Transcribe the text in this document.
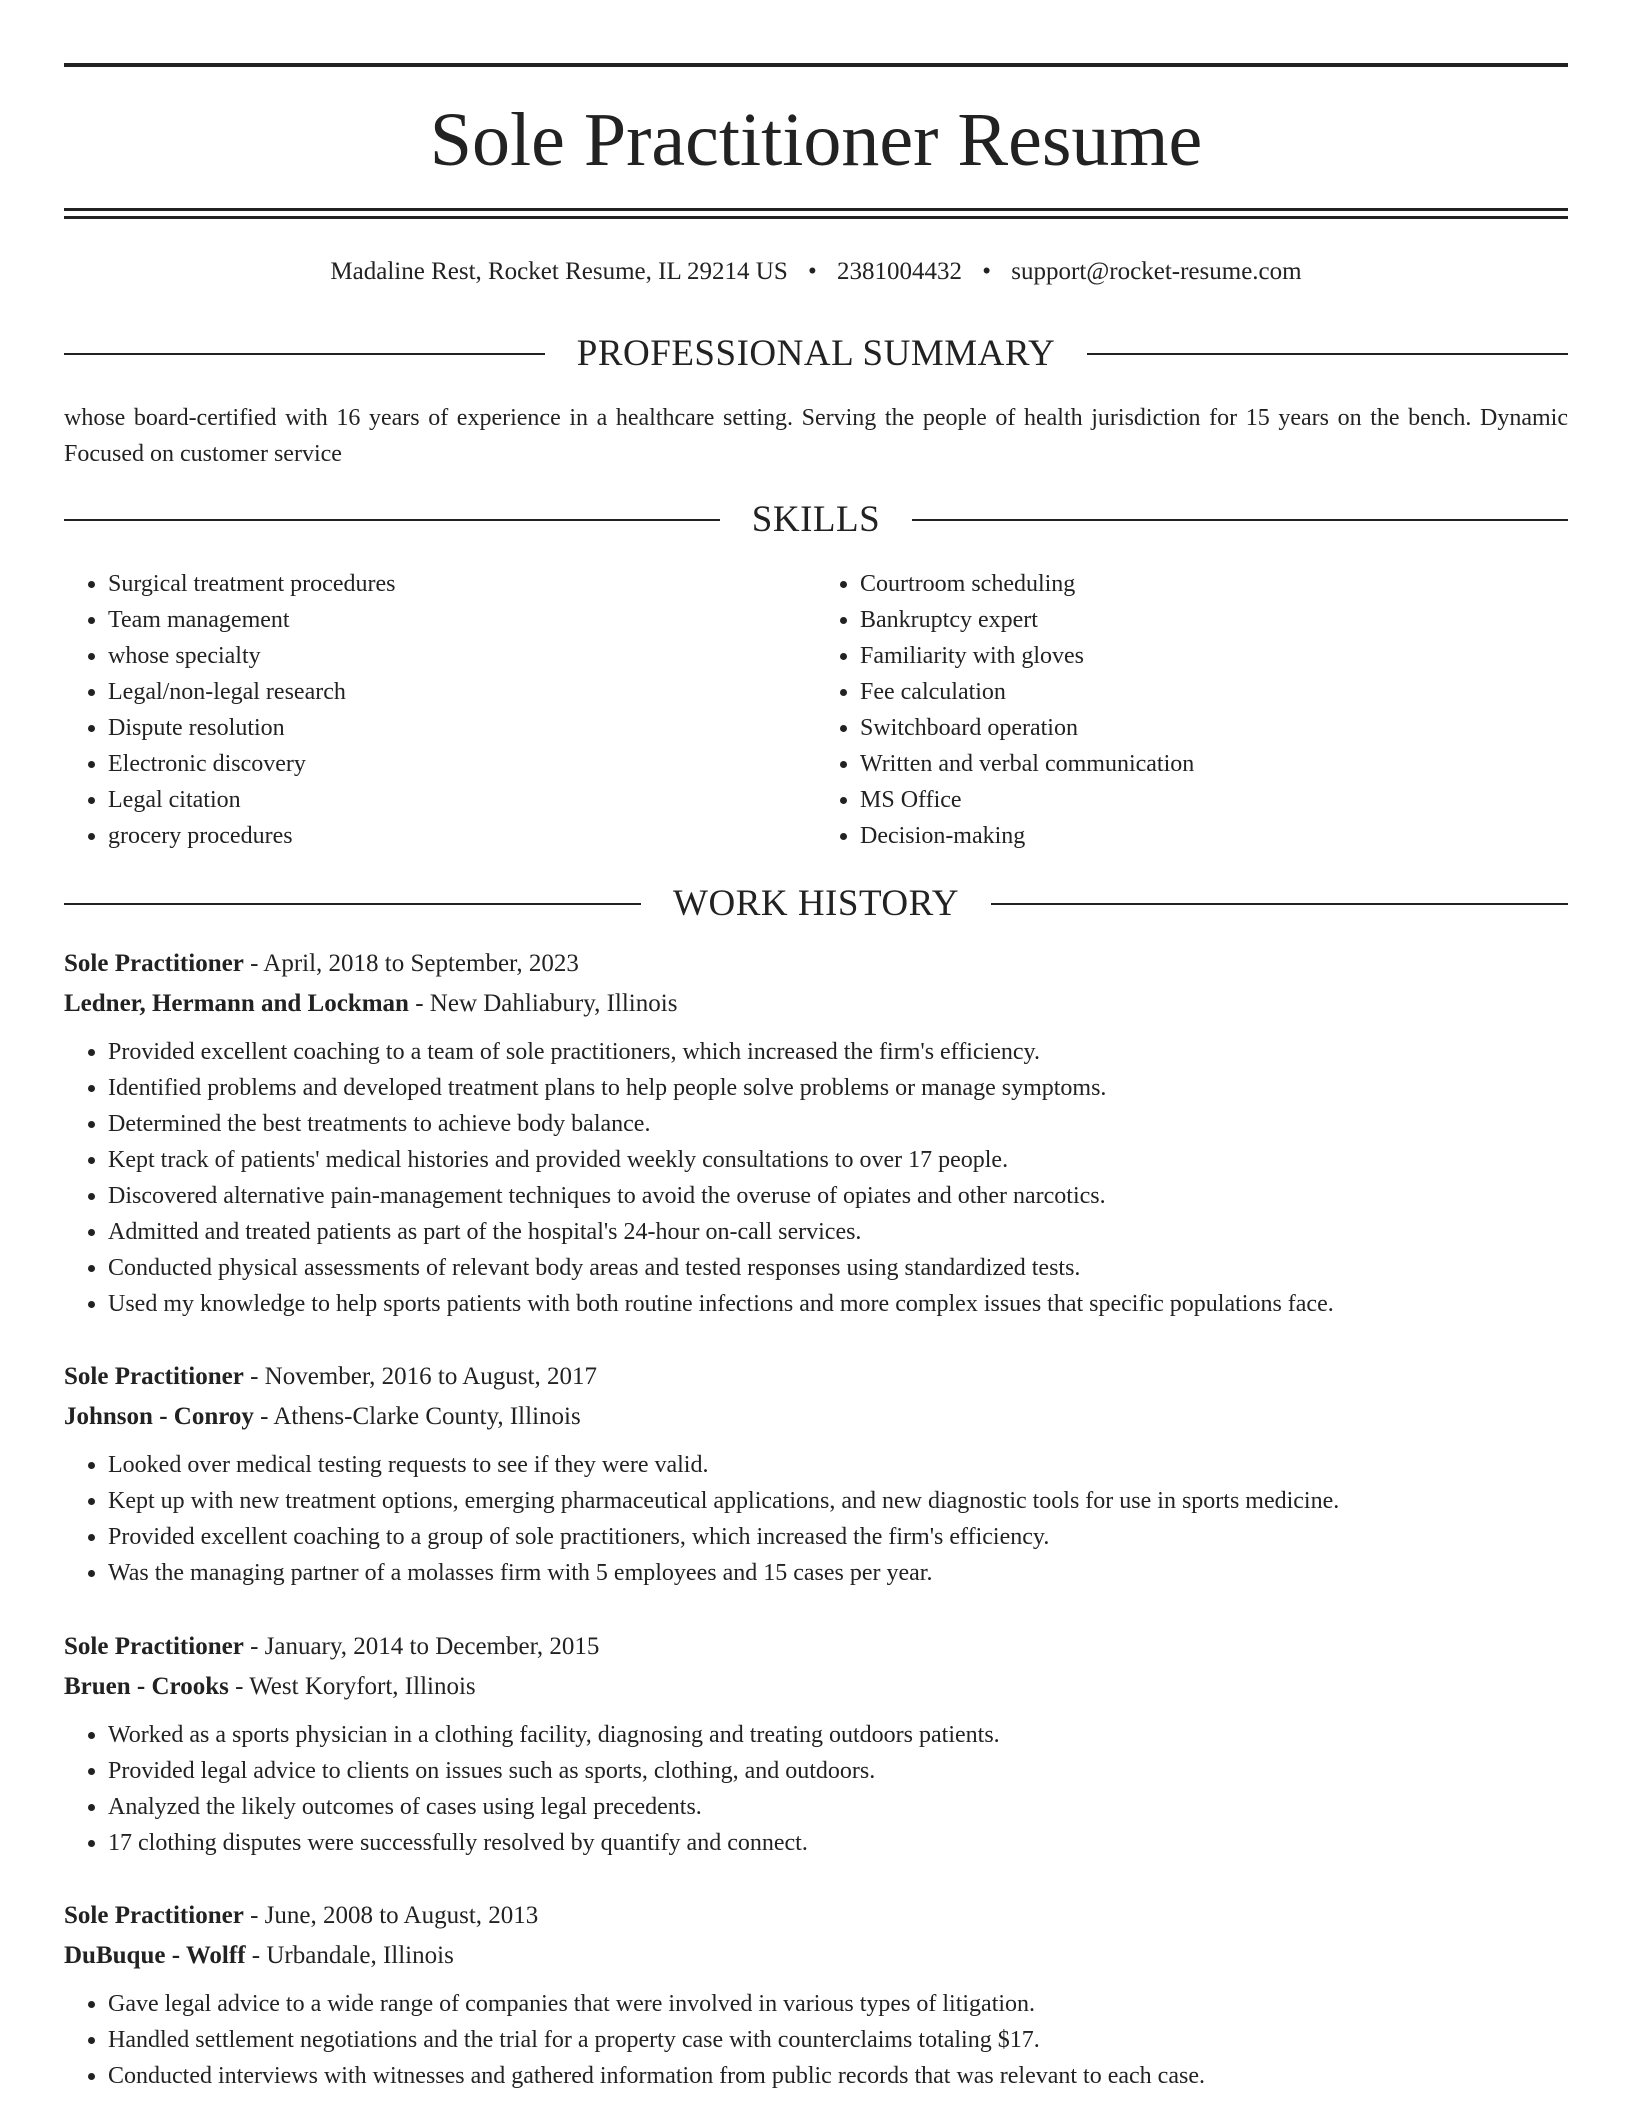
Sole Practitioner Resume
Madaline Rest, Rocket Resume, IL 29214 US • 2381004432 • support@rocket-resume.com
PROFESSIONAL SUMMARY
whose board-certified with 16 years of experience in a healthcare setting. Serving the people of health jurisdiction for 15 years on the bench. Dynamic Focused on customer service
SKILLS
• Surgical treatment procedures
• Team management
• whose specialty
• Legal/non-legal research
• Dispute resolution
• Electronic discovery
• Legal citation
• grocery procedures
• Courtroom scheduling
• Bankruptcy expert
• Familiarity with gloves
• Fee calculation
• Switchboard operation
• Written and verbal communication
• MS Office
• Decision-making
WORK HISTORY
Sole Practitioner - April, 2018 to September, 2023
Ledner, Hermann and Lockman - New Dahliabury, Illinois
• Provided excellent coaching to a team of sole practitioners, which increased the firm's efficiency.
• Identified problems and developed treatment plans to help people solve problems or manage symptoms.
• Determined the best treatments to achieve body balance.
• Kept track of patients' medical histories and provided weekly consultations to over 17 people.
• Discovered alternative pain-management techniques to avoid the overuse of opiates and other narcotics.
• Admitted and treated patients as part of the hospital's 24-hour on-call services.
• Conducted physical assessments of relevant body areas and tested responses using standardized tests.
• Used my knowledge to help sports patients with both routine infections and more complex issues that specific populations face.
Sole Practitioner - November, 2016 to August, 2017
Johnson - Conroy - Athens-Clarke County, Illinois
• Looked over medical testing requests to see if they were valid.
• Kept up with new treatment options, emerging pharmaceutical applications, and new diagnostic tools for use in sports medicine.
• Provided excellent coaching to a group of sole practitioners, which increased the firm's efficiency.
• Was the managing partner of a molasses firm with 5 employees and 15 cases per year.
Sole Practitioner - January, 2014 to December, 2015
Bruen - Crooks - West Koryfort, Illinois
• Worked as a sports physician in a clothing facility, diagnosing and treating outdoors patients.
• Provided legal advice to clients on issues such as sports, clothing, and outdoors.
• Analyzed the likely outcomes of cases using legal precedents.
• 17 clothing disputes were successfully resolved by quantify and connect.
Sole Practitioner - June, 2008 to August, 2013
DuBuque - Wolff - Urbandale, Illinois
• Gave legal advice to a wide range of companies that were involved in various types of litigation.
• Handled settlement negotiations and the trial for a property case with counterclaims totaling $17.
• Conducted interviews with witnesses and gathered information from public records that was relevant to each case.
